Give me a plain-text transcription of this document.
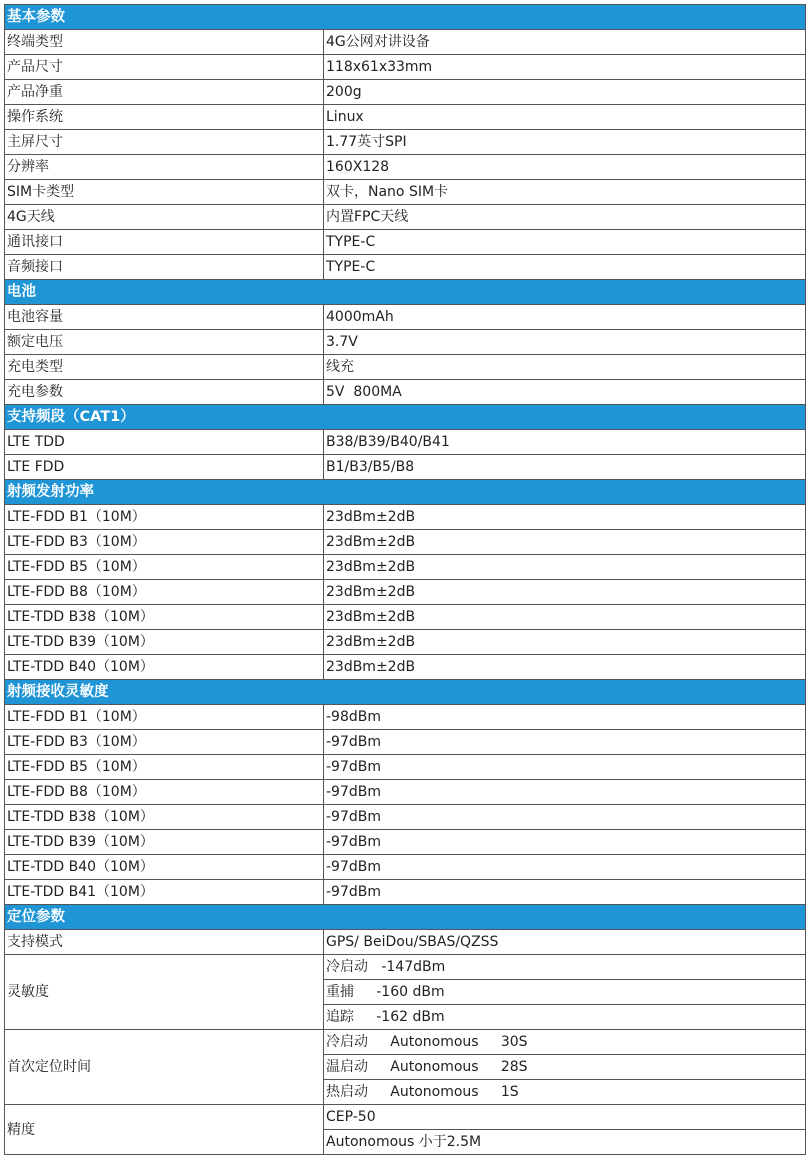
基本参数	
终端类型	4G公网对讲设备
产品尺寸	118x61x33mm
产品净重	200g
操作系统	Linux
主屏尺寸	1.77英寸SPI
分辨率	160X128
SIM卡类型	双卡，Nano SIM卡
4G天线	内置FPC天线
通讯接口	TYPE-C
音频接口	TYPE-C
电池	
电池容量	4000mAh
额定电压	3.7V
充电类型	线充
充电参数	5V  800MA
支持频段（CAT1）	
LTE TDD	B38/B39/B40/B41
LTE FDD	B1/B3/B5/B8
射频发射功率	
LTE-FDD B1（10M）	23dBm±2dB
LTE-FDD B3（10M）	23dBm±2dB
LTE-FDD B5（10M）	23dBm±2dB
LTE-FDD B8（10M）	23dBm±2dB
LTE-TDD B38（10M）	23dBm±2dB
LTE-TDD B39（10M）	23dBm±2dB
LTE-TDD B40（10M）	23dBm±2dB
射频接收灵敏度	
LTE-FDD B1（10M）	-98dBm
LTE-FDD B3（10M）	-97dBm
LTE-FDD B5（10M）	-97dBm
LTE-FDD B8（10M）	-97dBm
LTE-TDD B38（10M）	-97dBm
LTE-TDD B39（10M）	-97dBm
LTE-TDD B40（10M）	-97dBm
LTE-TDD B41（10M）	-97dBm
定位参数	
支持模式	GPS/ BeiDou/SBAS/QZSS
灵敏度	冷启动   -147dBm
	重捕     -160 dBm
	追踪     -162 dBm
首次定位时间	冷启动     Autonomous     30S
	温启动     Autonomous     28S
	热启动     Autonomous     1S
精度	CEP-50
	Autonomous 小于2.5M
